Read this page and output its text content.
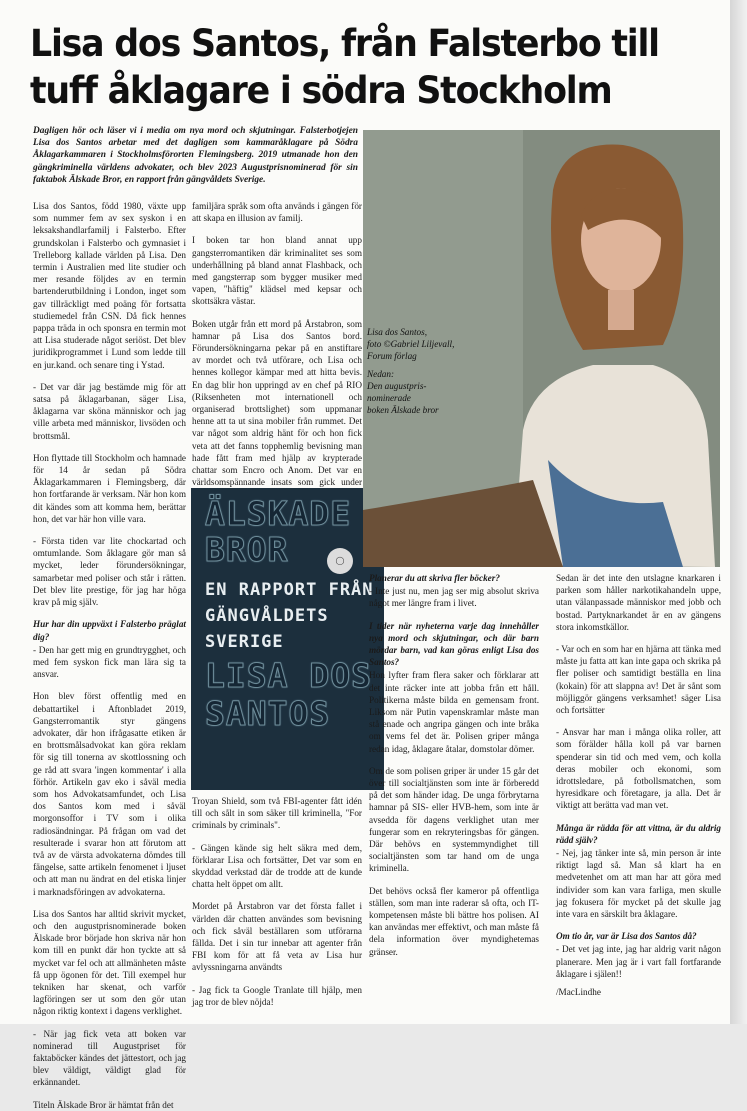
Lisa dos Santos, från Falsterbo till
tuff åklagare i södra Stockholm

Dagligen hör och läser vi i media om nya mord och skjutningar. Falsterbotjejen Lisa dos Santos arbetar med det dagligen som kammaråklagare på Södra Åklagarkammaren i Stockholmsförorten Flemingsberg. 2019 utmanade hon den gängkriminella världens advokater, och blev 2023 Augustprisnominerad för sin faktabok Älskade Bror, en rapport från gängvåldets Sverige.

Lisa dos Santos, född 1980, växte upp som nummer fem av sex syskon i en leksakshandlarfamilj i Falsterbo. Efter grundskolan i Falsterbo och gymnasiet i Trelleborg kallade världen på Lisa. Den termin i Australien med lite studier och mer resande följdes av en termin bartenderutbildning i London, inget som gav tillräckligt med poäng för fortsatta studiemedel från CSN. Då fick hennes pappa träda in och sponsra en termin mot att Lisa studerade något seriöst. Det blev juridikprogrammet i Lund som ledde till en jur.kand. och senare ting i Ystad.

- Det var där jag bestämde mig för att satsa på åklagarbanan, säger Lisa, åklagarna var sköna människor och jag ville arbeta med människor, livsöden och brottsmål.

Hon flyttade till Stockholm och hamnade för 14 år sedan på Södra Åklagarkammaren i Flemingsberg, där hon fortfarande är verksam. När hon kom dit kändes som att komma hem, berättar hon, det var här hon ville vara.

- Första tiden var lite chockartad och omtumlande. Som åklagare gör man så mycket, leder förundersökningar, samarbetar med poliser och står i rätten. Det blev lite prestige, för jag har höga krav på mig själv.

Hur har din uppväxt i Falsterbo präglat dig?

- Den har gett mig en grundtrygghet, och med fem syskon fick man lära sig ta ansvar.

Hon blev först offentlig med en debattartikel i Aftonbladet 2019, Gangsterromantik styr gängens advokater, där hon ifrågasatte etiken är en brottsmålsadvokat kan göra reklam för sig till tonerna av skottlossning och ge råd att svara 'ingen kommentar' i alla förhör. Artikeln gav eko i såväl media som hos Advokatsamfundet, och Lisa dos Santos kom med i såväl morgonsoffor i TV som i olika radiosändningar. På frågan om vad det resulterade i svarar hon att förutom att två av de värsta advokaterna dömdes till fängelse, satte artikeln fenomenet i ljuset och att man nu ändrat en del etiska linjer i marknadsföringen av advokaterna.

Lisa dos Santos har alltid skrivit mycket, och den augustprisnominerade boken Älskade bror började hon skriva när hon kom till en punkt där hon tyckte att så mycket var fel och att allmänheten måste få upp ögonen för det. Till exempel hur tekniken har skenat, och varför lagföringen ser ut som den gör utan någon riktig kontext i dagens verklighet.

- När jag fick veta att boken var nominerad till Augustpriset för faktaböcker kändes det jättestort, och jag blev väldigt, väldigt glad för erkännandet.

Titeln Älskade Bror är hämtat från det

familjära språk som ofta används i gängen för att skapa en illusion av familj.

I boken tar hon bland annat upp gangsterromantiken där kriminalitet ses som underhållning på bland annat Flashback, och med gangsterrap som bygger musiker med vapen, "häftig" klädsel med kepsar och skottsäkra västar.

Boken utgår från ett mord på Årstabron, som hamnar på Lisa dos Santos bord. Förundersökningarna pekar på en anstiftare av mordet och två utförare, och Lisa och hennes kollegor kämpar med att hitta bevis. En dag blir hon uppringd av en chef på RIO (Riksenheten mot internationell och organiserad brottslighet) som uppmanar henne att ta ut sina mobiler från rummet. Det var något som aldrig hänt för och hon fick veta att det fanns topphemlig bevisning man hade fått fram med hjälp av krypterade chattar som Encro och Anom. Det var en världsomspännande insats som gick under

ÄLSKADE
BROR	◯
EN RAPPORT FRÅN
GÄNGVÅLDETS
SVERIGE
LISA DOS
SANTOS

Troyan Shield, som två FBI-agenter fått idén till och sålt in som säker till kriminella, "For criminals by criminals".

- Gängen kände sig helt säkra med dem, förklarar Lisa och fortsätter, Det var som en skyddad verkstad där de trodde att de kunde chatta helt öppet om allt.

Mordet på Årstabron var det första fallet i världen där chatten användes som bevisning och fick såväl beställaren som utförarna fällda. Det i sin tur innebar att agenter från FBI kom för att få veta av Lisa hur avlyssningarna användts

- Jag fick ta Google Tranlate till hjälp, men jag tror de blev nöjda!

Lisa dos Santos,
foto ©Gabriel Liljevall,
Forum förlag
Nedan:
Den augustpris-
nominerade
boken Älskade bror

Planerar du att skriva fler böcker?

- Inte just nu, men jag ser mig absolut skriva något mer längre fram i livet.

I tider när nyheterna varje dag innehåller nya mord och skjutningar, och där barn mördar barn, vad kan göras enligt Lisa dos Santos?

Hon lyfter fram flera saker och förklarar att det inte räcker inte att jobba från ett håll. Politikerna måste bilda en gemensam front. Liksom när Putin vapenskramlar måste man stå enade och angripa gängen och inte bråka om vems fel det är. Polisen griper många redan idag, åklagare åtalar, domstolar dömer.

Om de som polisen griper är under 15 går det över till socialtjänsten som inte är förberedd på det som händer idag. De unga förbrytarna hamnar på SIS- eller HVB-hem, som inte är avsedda för dagens verklighet utan mer fungerar som en rekryteringsbas för gängen. Där behövs en systemmyndighet till socialtjänsten som tar hand om de unga kriminella.

Det behövs också fler kameror på offentliga ställen, som man inte raderar så ofta, och IT-kompetensen måste bli bättre hos polisen. AI kan användas mer effektivt, och man måste få dela information över myndighetemas gränser.

Sedan är det inte den utslagne knarkaren i parken som håller narkotikahandeln uppe, utan välanpassade människor med jobb och bostad. Partyknarkandet är en av gängens stora inkomstkällor.

- Var och en som har en hjärna att tänka med måste ju fatta att kan inte gapa och skrika på fler poliser och samtidigt beställa en lina (kokain) för att slappna av! Det är sånt som möjliggör gängens verksamhet! säger Lisa och fortsätter

- Ansvar har man i många olika roller, att som förälder hålla koll på var barnen spenderar sin tid och med vem, och kolla deras mobiler och ekonomi, som idrottsledare, på fotbollsmatchen, som hyresidkare och företagare, ja alla. Det är viktigt att berätta vad man vet.

Många är rädda för att vittna, är du aldrig rädd själv?

- Nej, jag tänker inte så, min person är inte riktigt lagd så. Man så klart ha en medvetenhet om att man har att göra med individer som kan vara farliga, men skulle jag fokusera för mycket på det skulle jag inte vara en särskilt bra åklagare.

Om tio år, var är Lisa dos Santos då?

- Det vet jag inte, jag har aldrig varit någon planerare. Men jag är i vart fall fortfarande åklagare i själen!!

/MacLindhe
